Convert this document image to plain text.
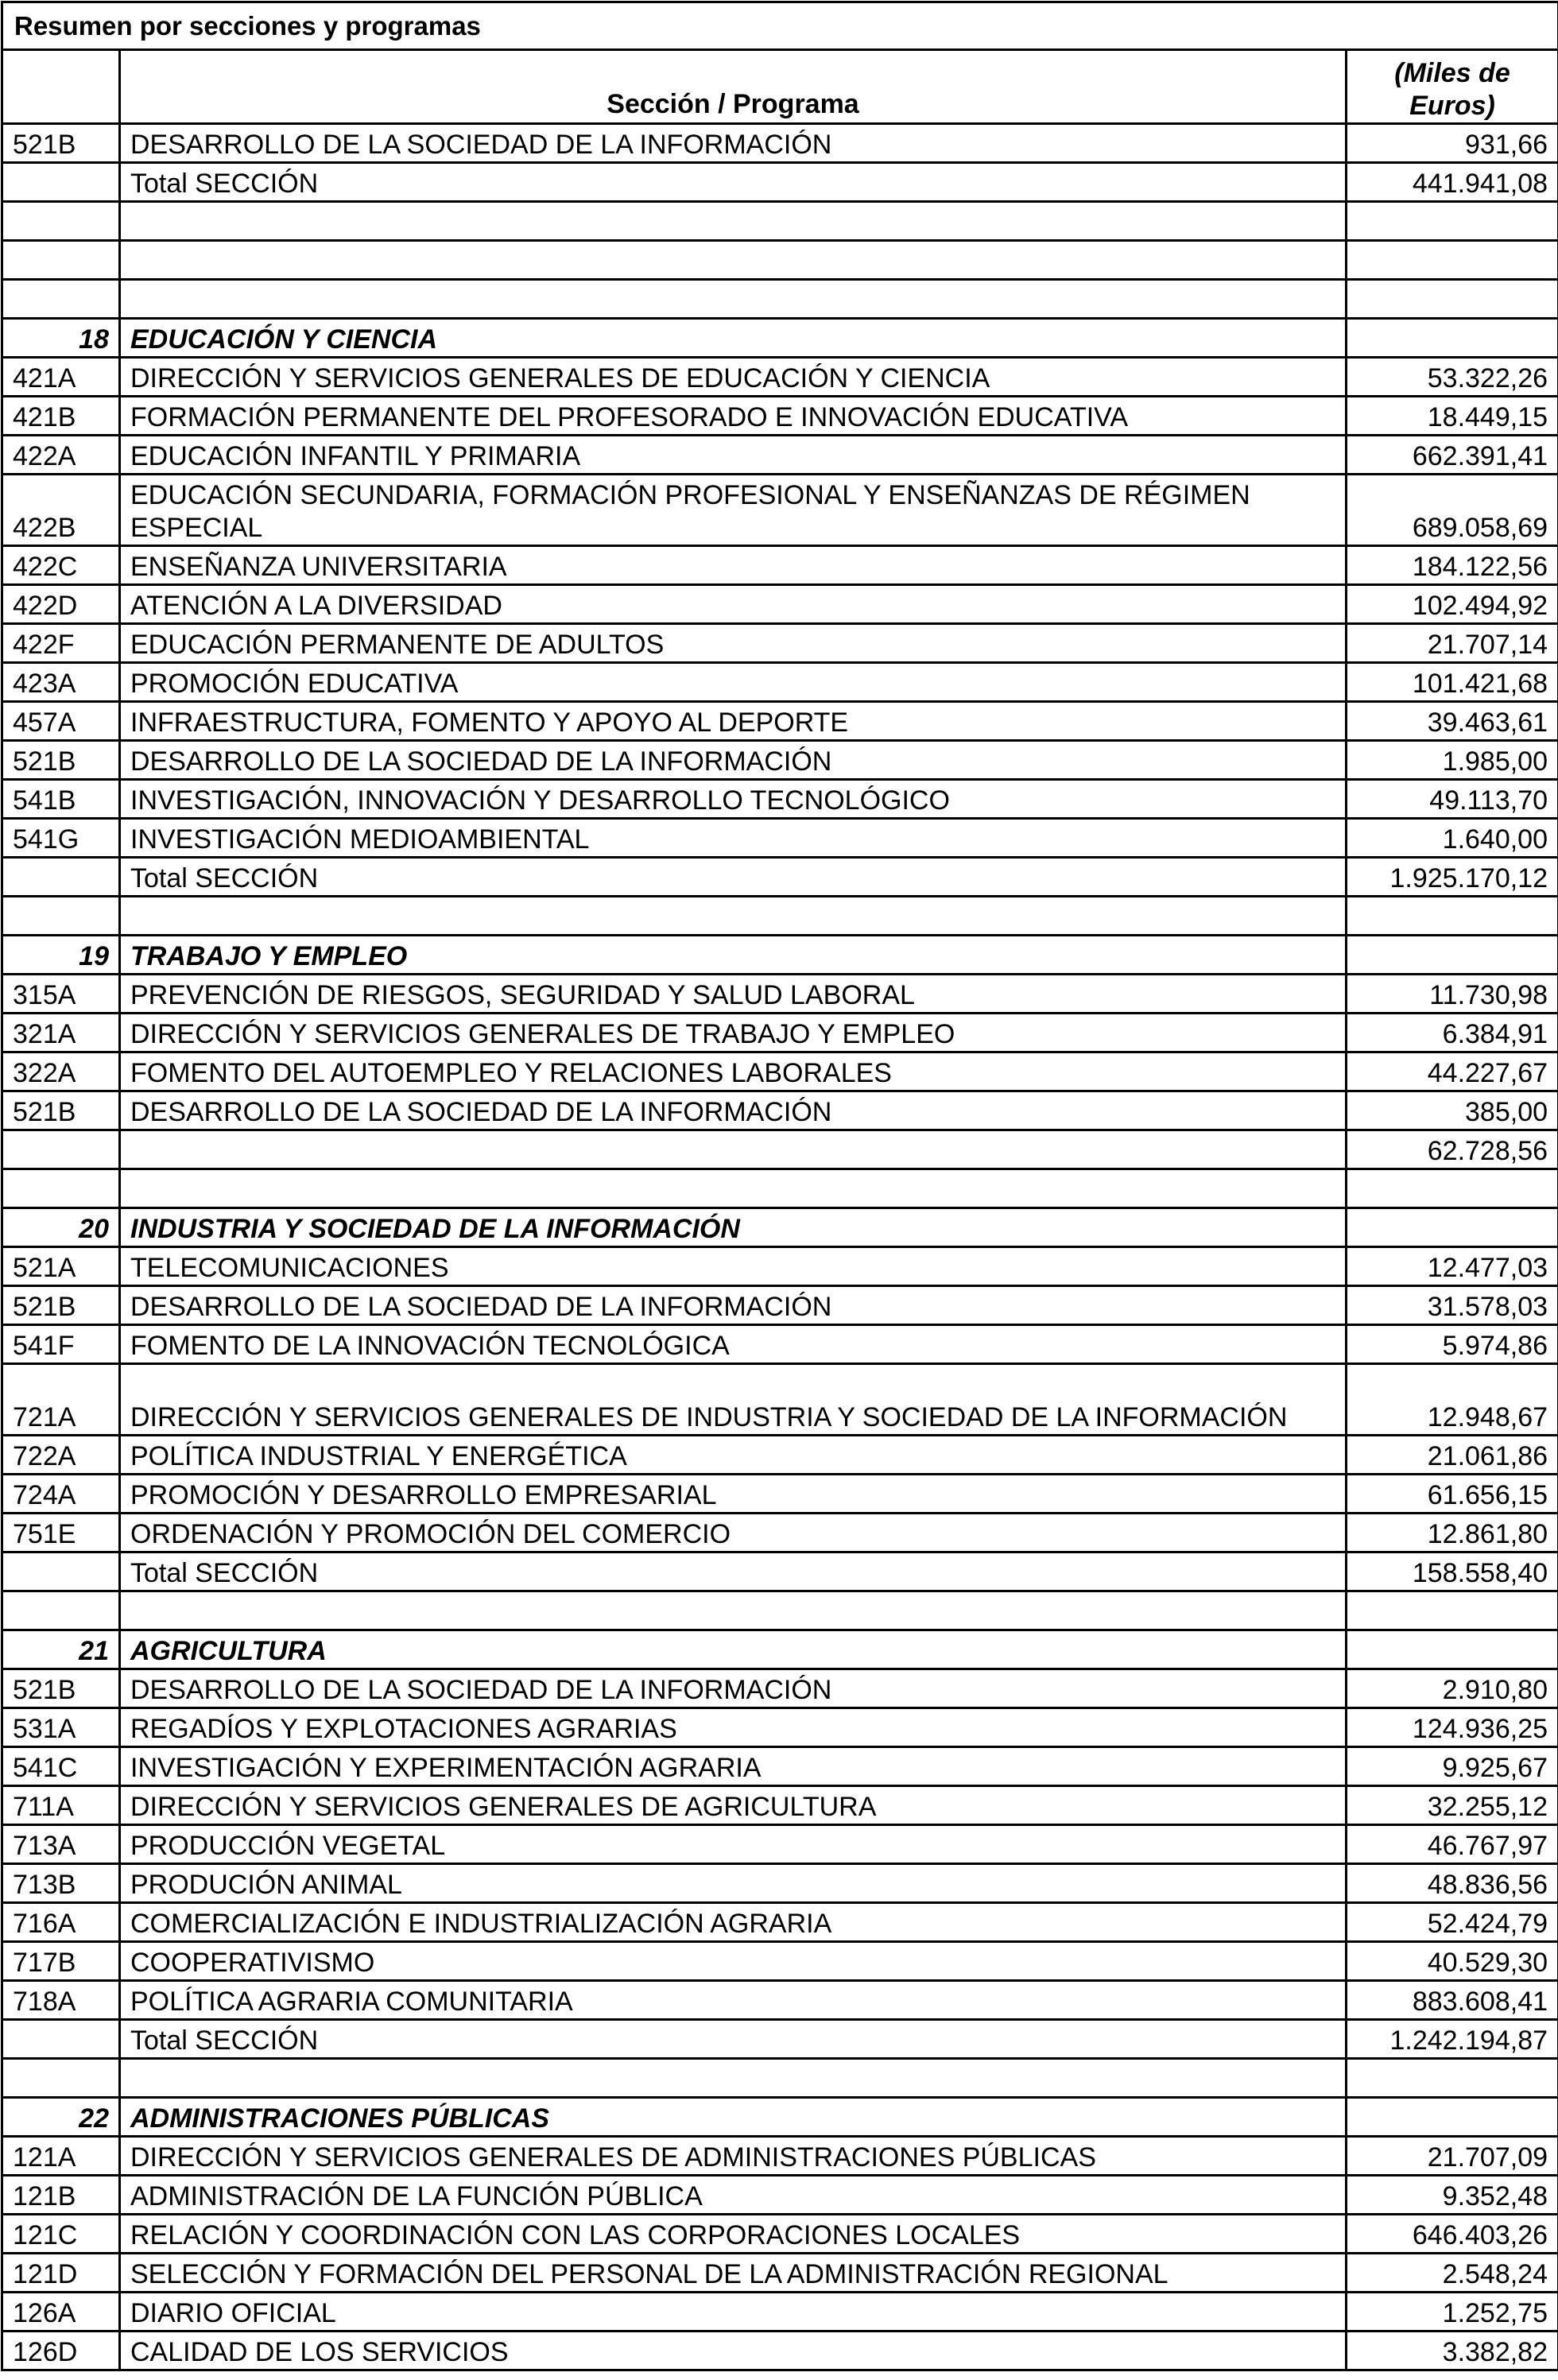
Resumen por secciones y programas		
	Sección / Programa	(Miles de Euros)
521B	DESARROLLO DE LA SOCIEDAD DE LA INFORMACIÓN	931,66
	Total SECCIÓN	441.941,08

18	EDUCACIÓN Y CIENCIA	
421A	DIRECCIÓN Y SERVICIOS GENERALES DE EDUCACIÓN Y CIENCIA	53.322,26
421B	FORMACIÓN PERMANENTE DEL PROFESORADO E INNOVACIÓN EDUCATIVA	18.449,15
422A	EDUCACIÓN INFANTIL Y PRIMARIA	662.391,41
422B	EDUCACIÓN SECUNDARIA, FORMACIÓN PROFESIONAL Y ENSEÑANZAS DE RÉGIMEN ESPECIAL	689.058,69
422C	ENSEÑANZA UNIVERSITARIA	184.122,56
422D	ATENCIÓN A LA DIVERSIDAD	102.494,92
422F	EDUCACIÓN PERMANENTE DE ADULTOS	21.707,14
423A	PROMOCIÓN EDUCATIVA	101.421,68
457A	INFRAESTRUCTURA, FOMENTO Y APOYO AL DEPORTE	39.463,61
521B	DESARROLLO DE LA SOCIEDAD DE LA INFORMACIÓN	1.985,00
541B	INVESTIGACIÓN, INNOVACIÓN Y DESARROLLO TECNOLÓGICO	49.113,70
541G	INVESTIGACIÓN MEDIOAMBIENTAL	1.640,00
	Total SECCIÓN	1.925.170,12

19	TRABAJO Y EMPLEO	
315A	PREVENCIÓN DE RIESGOS, SEGURIDAD Y SALUD LABORAL	11.730,98
321A	DIRECCIÓN Y SERVICIOS GENERALES DE TRABAJO Y EMPLEO	6.384,91
322A	FOMENTO DEL AUTOEMPLEO Y RELACIONES LABORALES	44.227,67
521B	DESARROLLO DE LA SOCIEDAD DE LA INFORMACIÓN	385,00
		62.728,56

20	INDUSTRIA Y SOCIEDAD DE LA INFORMACIÓN	
521A	TELECOMUNICACIONES	12.477,03
521B	DESARROLLO DE LA SOCIEDAD DE LA INFORMACIÓN	31.578,03
541F	FOMENTO DE LA INNOVACIÓN TECNOLÓGICA	5.974,86
721A	DIRECCIÓN Y SERVICIOS GENERALES DE INDUSTRIA Y SOCIEDAD DE LA INFORMACIÓN	12.948,67
722A	POLÍTICA INDUSTRIAL Y ENERGÉTICA	21.061,86
724A	PROMOCIÓN Y DESARROLLO EMPRESARIAL	61.656,15
751E	ORDENACIÓN Y PROMOCIÓN DEL COMERCIO	12.861,80
	Total SECCIÓN	158.558,40

21	AGRICULTURA	
521B	DESARROLLO DE LA SOCIEDAD DE LA INFORMACIÓN	2.910,80
531A	REGADÍOS Y EXPLOTACIONES AGRARIAS	124.936,25
541C	INVESTIGACIÓN Y EXPERIMENTACIÓN AGRARIA	9.925,67
711A	DIRECCIÓN Y SERVICIOS GENERALES DE AGRICULTURA	32.255,12
713A	PRODUCCIÓN VEGETAL	46.767,97
713B	PRODUCIÓN ANIMAL	48.836,56
716A	COMERCIALIZACIÓN E INDUSTRIALIZACIÓN AGRARIA	52.424,79
717B	COOPERATIVISMO	40.529,30
718A	POLÍTICA AGRARIA COMUNITARIA	883.608,41
	Total SECCIÓN	1.242.194,87

22	ADMINISTRACIONES PÚBLICAS	
121A	DIRECCIÓN Y SERVICIOS GENERALES DE ADMINISTRACIONES PÚBLICAS	21.707,09
121B	ADMINISTRACIÓN DE LA FUNCIÓN PÚBLICA	9.352,48
121C	RELACIÓN Y COORDINACIÓN CON LAS CORPORACIONES LOCALES	646.403,26
121D	SELECCIÓN Y FORMACIÓN DEL PERSONAL DE LA ADMINISTRACIÓN REGIONAL	2.548,24
126A	DIARIO OFICIAL	1.252,75
126D	CALIDAD DE LOS SERVICIOS	3.382,82
